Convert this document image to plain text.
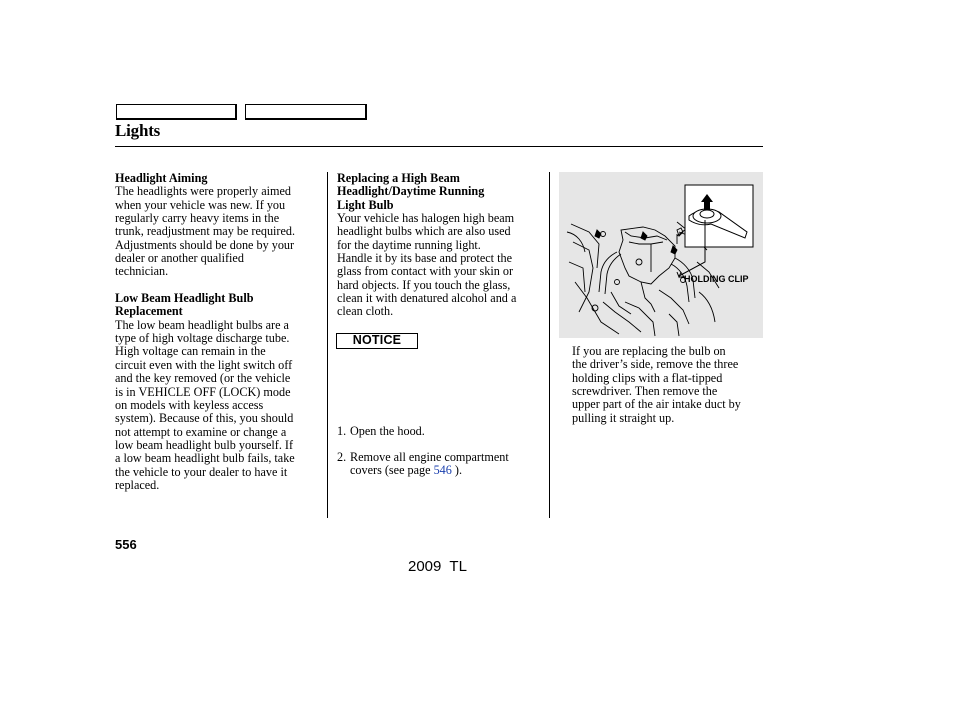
Lights

Headlight Aiming

The headlights were properly aimed

when your vehicle was new. If you

regularly carry heavy items in the

trunk, readjustment may be required.

Adjustments should be done by your

dealer or another qualified

technician.

Low Beam Headlight Bulb

Replacement

The low beam headlight bulbs are a

type of high voltage discharge tube.

High voltage can remain in the

circuit even with the light switch off

and the key removed (or the vehicle

is in VEHICLE OFF (LOCK) mode

on models with keyless access

system). Because of this, you should

not attempt to examine or change a

low beam headlight bulb yourself. If

a low beam headlight bulb fails, take

the vehicle to your dealer to have it

replaced.

Replacing a High Beam

Headlight/Daytime Running

Light Bulb

Your vehicle has halogen high beam

headlight bulbs which are also used

for the daytime running light.

Handle it by its base and protect the

glass from contact with your skin or

hard objects. If you touch the glass,

clean it with denatured alcohol and a

clean cloth.

NOTICE
1. Open the hood.
2. Remove all engine compartment

covers (see page 546 ).

HOLDING CLIP

If you are replacing the bulb on

the driver’s side, remove the three

holding clips with a flat-tipped

screwdriver. Then remove the

upper part of the air intake duct by

pulling it straight up.

556
2009  TL
